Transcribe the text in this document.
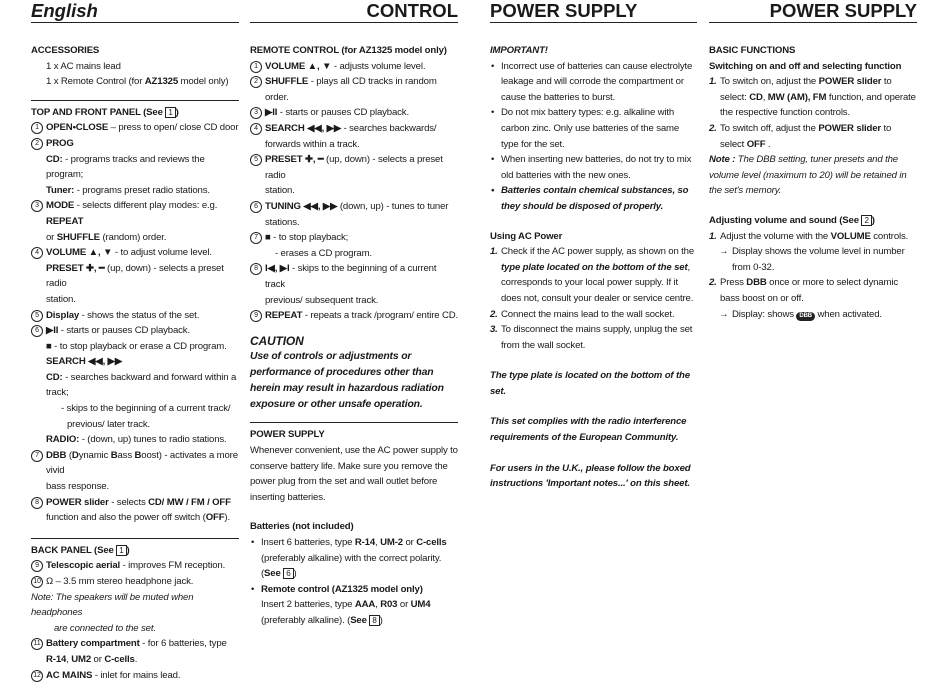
English
ACCESSORIES
1 x AC mains lead
1 x Remote Control (for AZ1325 model only)
TOP AND FRONT PANEL (See 1 )
1 OPEN•CLOSE – press to open/ close CD door
2 PROG
CD: - programs tracks and reviews the program;
Tuner: - programs preset radio stations.
3 MODE - selects different play modes: e.g. REPEAT
or SHUFFLE (random) order.
4 VOLUME ▲, ▼ - to adjust volume level.
PRESET ✚, ━ (up, down) - selects a preset radio
station.
5 Display - shows the status of the set.
6 ▶II - starts or pauses CD playback.
■ - to stop playback or erase a CD program.
SEARCH ◀◀, ▶▶
CD: - searches backward and forward within a track;
- skips to the beginning of a current track/
previous/ later track.
RADIO: - (down, up) tunes to radio stations.
7 DBB (Dynamic Bass Boost) - activates a more vivid
bass response.
8 POWER slider - selects CD/ MW / FM / OFF
function and also the power off switch (OFF).
BACK PANEL (See 1 )
9 Telescopic aerial - improves FM reception.
10 Ω – 3.5 mm stereo headphone jack.
Note: The speakers will be muted when headphones
are connected to the set.
11 Battery compartment - for 6 batteries, type
R-14, UM2 or C-cells.
12 AC MAINS - inlet for mains lead.
CONTROL
REMOTE CONTROL (for AZ1325 model only)
1 VOLUME ▲, ▼ - adjusts volume level.
2 SHUFFLE - plays all CD tracks in random order.
3 ▶II - starts or pauses CD playback.
4 SEARCH ◀◀, ▶▶ - searches backwards/
forwards within a track.
5 PRESET ✚, ━ (up, down) - selects a preset radio
station.
6 TUNING ◀◀, ▶▶ (down, up) - tunes to tuner stations.
7 ■ - to stop playback;
- erases a CD program.
8 I◀, ▶I - skips to the beginning of a current track
previous/ subsequent track.
9 REPEAT - repeats a track /program/ entire CD.
CAUTION
Use of controls or adjustments or performance of procedures other than herein may result in hazardous radiation exposure or other unsafe operation.
POWER SUPPLY
Whenever convenient, use the AC power supply to conserve battery life. Make sure you remove the power plug from the set and wall outlet before inserting batteries.
Batteries (not included)
• Insert 6 batteries, type R-14, UM-2 or C-cells (preferably alkaline) with the correct polarity. (See 6 )
• Remote control (AZ1325 model only)
Insert 2 batteries, type AAA, R03 or UM4 (preferably alkaline). (See 8 )
POWER SUPPLY
IMPORTANT!
• Incorrect use of batteries can cause electrolyte leakage and will corrode the compartment or cause the batteries to burst.
• Do not mix battery types: e.g. alkaline with carbon zinc. Only use batteries of the same type for the set.
• When inserting new batteries, do not try to mix old batteries with the new ones.
• Batteries contain chemical substances, so they should be disposed of properly.
Using AC Power
1. Check if the AC power supply, as shown on the type plate located on the bottom of the set, corresponds to your local power supply. If it does not, consult your dealer or service centre.
2. Connect the mains lead to the wall socket.
3. To disconnect the mains supply, unplug the set from the wall socket.
The type plate is located on the bottom of the set.
This set complies with the radio interference requirements of the European Community.
For users in the U.K., please follow the boxed instructions 'Important notes...' on this sheet.
POWER SUPPLY
BASIC FUNCTIONS
Switching on and off and selecting function
1. To switch on, adjust the POWER slider to select: CD, MW (AM), FM function, and operate the respective function controls.
2. To switch off, adjust the POWER slider to select OFF .
Note : The DBB setting, tuner presets and the volume level (maximum to 20) will be retained in the set's memory.
Adjusting volume and sound (See 2 )
1. Adjust the volume with the VOLUME controls.
→ Display shows the volume level in number from 0-32.
2. Press DBB once or more to select dynamic bass boost on or off.
→ Display: shows DBB when activated.
